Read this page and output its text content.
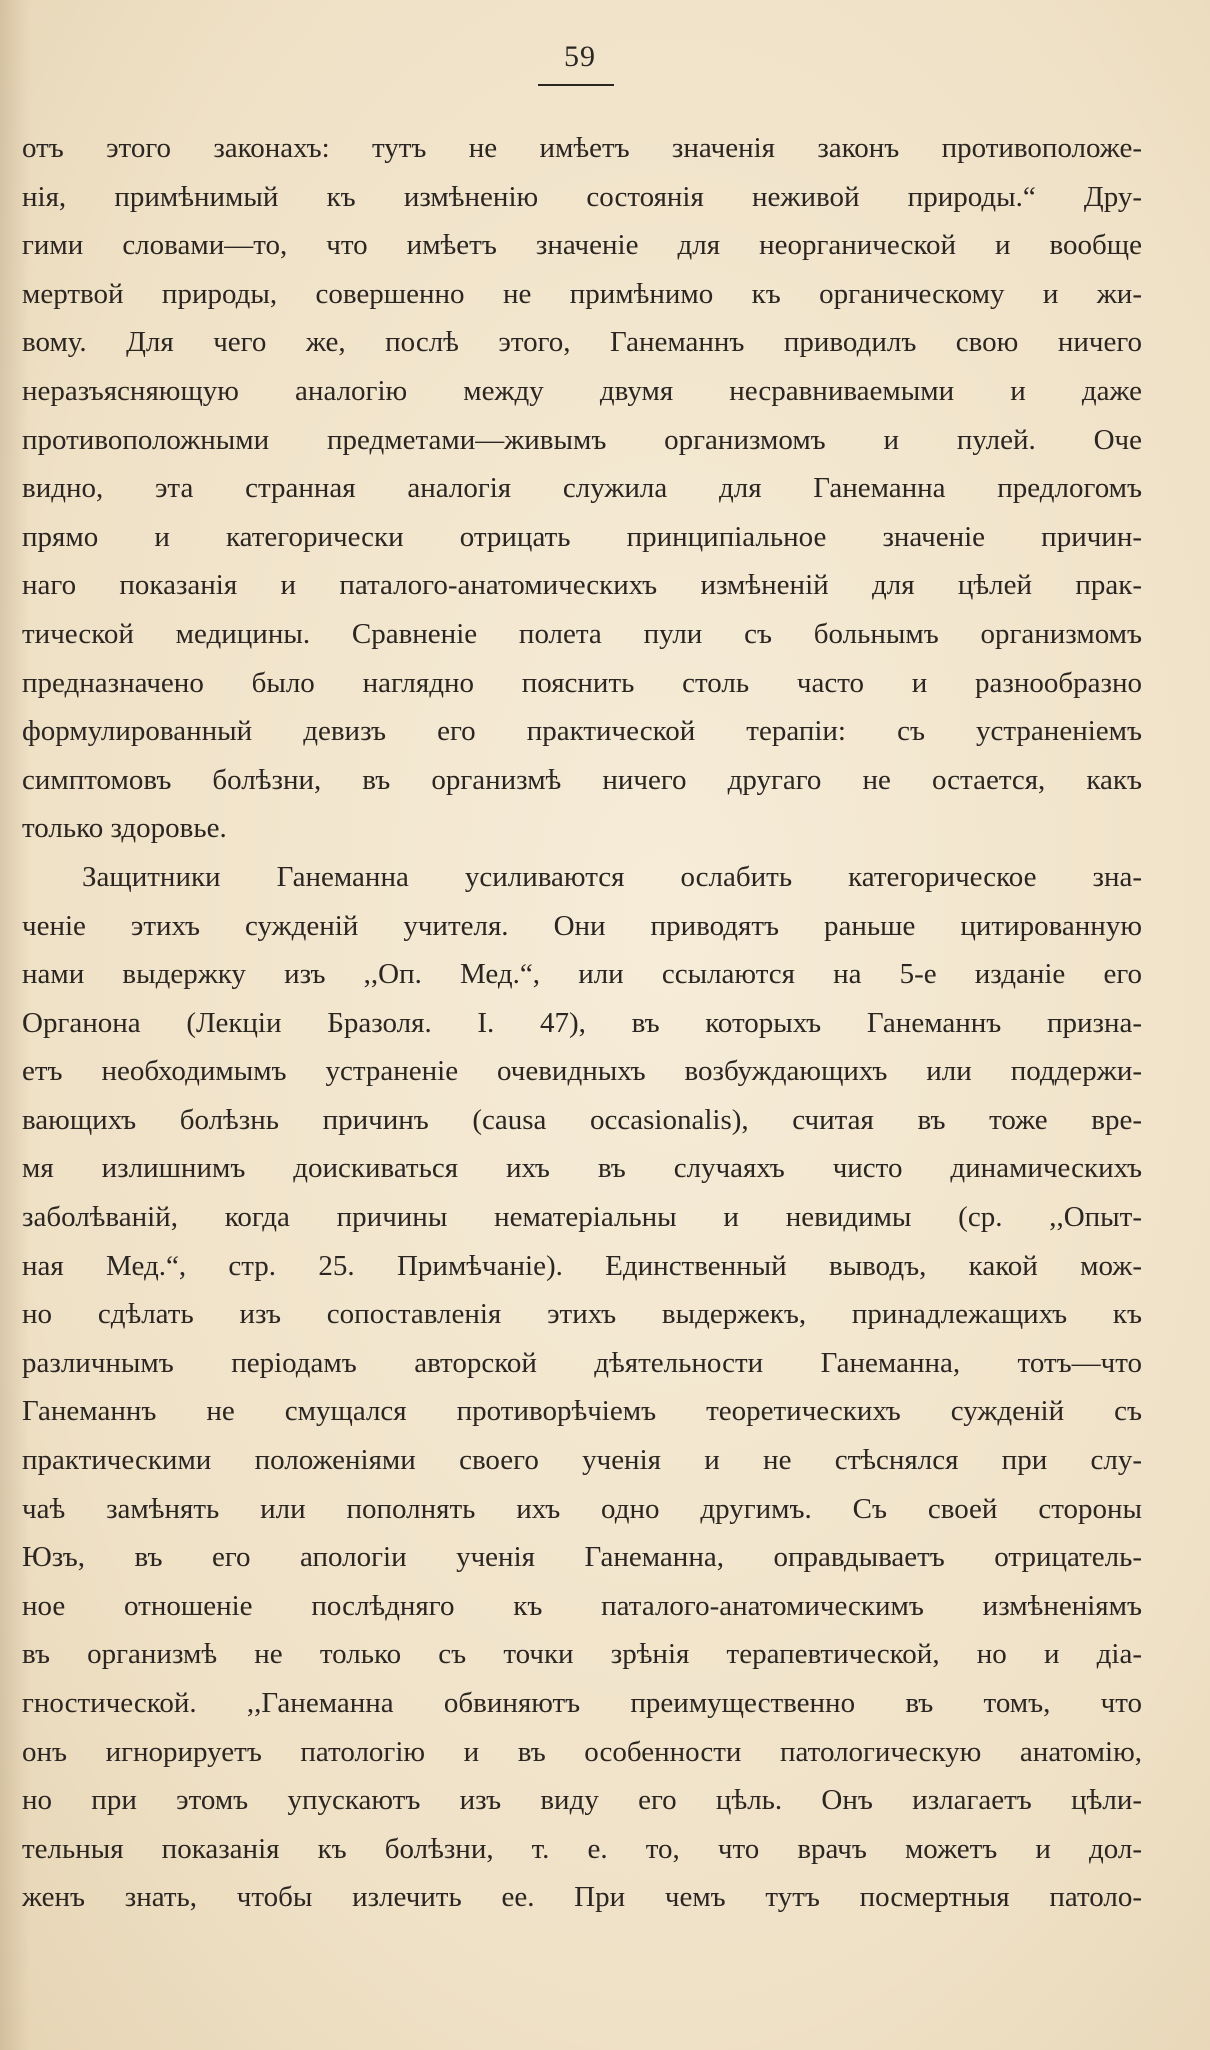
59
отъ этого законахъ: тутъ не имѣетъ значенія законъ противоположе-
нія, примѣнимый къ измѣненію состоянія неживой природы.“ Дру-
гими словами—то, что имѣетъ значеніе для неорганической и вообще
мертвой природы, совершенно не примѣнимо къ органическому и жи-
вому. Для чего же, послѣ этого, Ганеманнъ приводилъ свою ничего
неразъясняющую аналогію между двумя несравниваемыми и даже
противоположными предметами—живымъ организмомъ и пулей. Оче
видно, эта странная аналогія служила для Ганеманна предлогомъ
прямо и категорически отрицать принципіальное значеніе причин-
наго показанія и паталого-анатомическихъ измѣненій для цѣлей прак-
тической медицины. Сравненіе полета пули съ больнымъ организмомъ
предназначено было наглядно пояснить столь часто и разнообразно
формулированный девизъ его практической терапіи: съ устраненіемъ
симптомовъ болѣзни, въ организмѣ ничего другаго не остается, какъ
только здоровье.
Защитники Ганеманна усиливаются ослабить категорическое зна-
ченіе этихъ сужденій учителя. Они приводятъ раньше цитированную
нами выдержку изъ ,,Оп. Мед.“, или ссылаются на 5-е изданіе его
Органона (Лекціи Бразоля. І. 47), въ которыхъ Ганеманнъ призна-
етъ необходимымъ устраненіе очевидныхъ возбуждающихъ или поддержи-
вающихъ болѣзнь причинъ (causa occasionalis), считая въ тоже вре-
мя излишнимъ доискиваться ихъ въ случаяхъ чисто динамическихъ
заболѣваній, когда причины нематеріальны и невидимы (ср. ,,Опыт-
ная Мед.“, стр. 25. Примѣчаніе). Единственный выводъ, какой мож-
но сдѣлать изъ сопоставленія этихъ выдержекъ, принадлежащихъ къ
различнымъ періодамъ авторской дѣятельности Ганеманна, тотъ—что
Ганеманнъ не смущался противорѣчіемъ теоретическихъ сужденій съ
практическими положеніями своего ученія и не стѣснялся при слу-
чаѣ замѣнять или пополнять ихъ одно другимъ. Съ своей стороны
Юзъ, въ его апологіи ученія Ганеманна, оправдываетъ отрицатель-
ное отношеніе послѣдняго къ паталого-анатомическимъ измѣненіямъ
въ организмѣ не только съ точки зрѣнія терапевтической, но и діа-
гностической. ,,Ганеманна обвиняютъ преимущественно въ томъ, что
онъ игнорируетъ патологію и въ особенности патологическую анатомію,
но при этомъ упускаютъ изъ виду его цѣль. Онъ излагаетъ цѣли-
тельныя показанія къ болѣзни, т. е. то, что врачъ можетъ и дол-
женъ знать, чтобы излечить ее. При чемъ тутъ посмертныя патоло-
